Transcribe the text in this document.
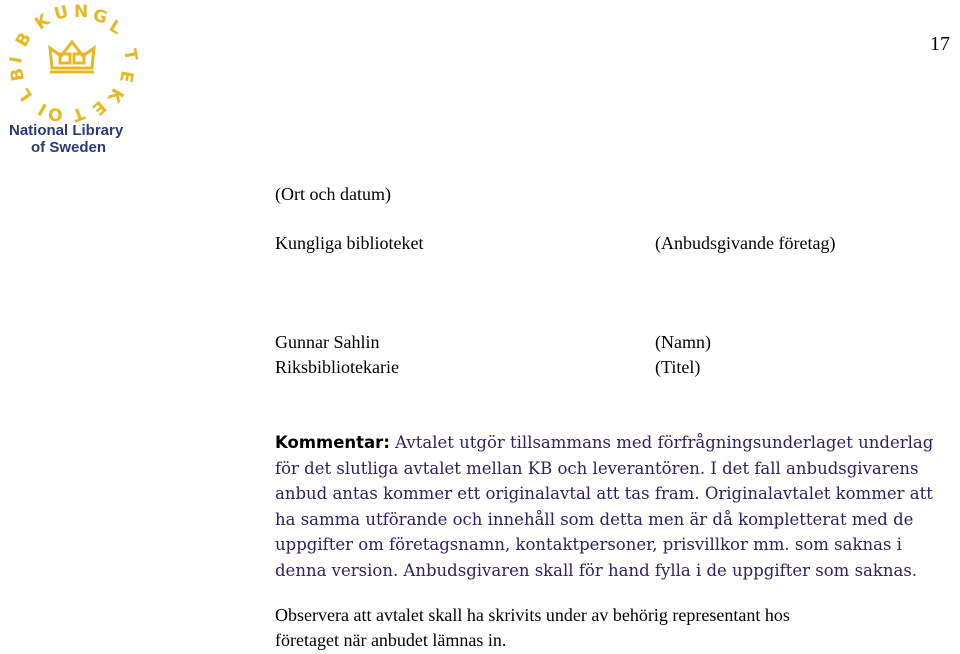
K
U N G
L
B
I
B
L
I
O T E
K
E
T
National Library
of Sweden
17
(Ort och datum)
Kungliga biblioteket	(Anbudsgivande företag)
Gunnar Sahlin
Riksbibliotekarie
(Namn)
(Titel)
Kommentar: Avtalet utgör tillsammans med förfrågningsunderlaget underlag
för det slutliga avtalet mellan KB och leverantören. I det fall anbudsgivarens
anbud antas kommer ett originalavtal att tas fram. Originalavtalet kommer att
ha samma utförande och innehåll som detta men är då kompletterat med de
uppgifter om företagsnamn, kontaktpersoner, prisvillkor mm. som saknas i
denna version. Anbudsgivaren skall för hand fylla i de uppgifter som saknas.
Observera att avtalet skall ha skrivits under av behörig representant hos
företaget när anbudet lämnas in.
